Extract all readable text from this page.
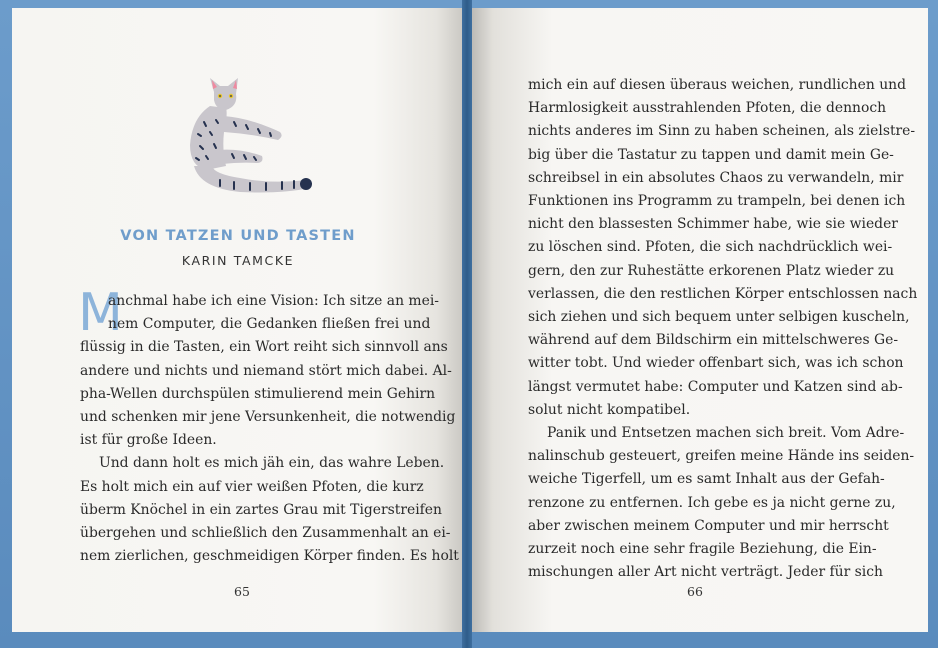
VON TATZEN UND TASTEN
KARIN TAMCKE
M
anchmal habe ich eine Vision: Ich sitze an mei-
nem Computer, die Gedanken fließen frei und
flüssig in die Tasten, ein Wort reiht sich sinnvoll ans
andere und nichts und niemand stört mich dabei. Al-
pha-Wellen durchspülen stimulierend mein Gehirn
und schenken mir jene Versunkenheit, die notwendig
ist für große Ideen.
Und dann holt es mich jäh ein, das wahre Leben.
Es holt mich ein auf vier weißen Pfoten, die kurz
überm Knöchel in ein zartes Grau mit Tigerstreifen
übergehen und schließlich den Zusammenhalt an ei-
nem zierlichen, geschmeidigen Körper finden. Es holt
65
mich ein auf diesen überaus weichen, rundlichen und
Harmlosigkeit ausstrahlenden Pfoten, die dennoch
nichts anderes im Sinn zu haben scheinen, als zielstre-
big über die Tastatur zu tappen und damit mein Ge-
schreibsel in ein absolutes Chaos zu verwandeln, mir
Funktionen ins Programm zu trampeln, bei denen ich
nicht den blassesten Schimmer habe, wie sie wieder
zu löschen sind. Pfoten, die sich nachdrücklich wei-
gern, den zur Ruhestätte erkorenen Platz wieder zu
verlassen, die den restlichen Körper entschlossen nach
sich ziehen und sich bequem unter selbigen kuscheln,
während auf dem Bildschirm ein mittelschweres Ge-
witter tobt. Und wieder offenbart sich, was ich schon
längst vermutet habe: Computer und Katzen sind ab-
solut nicht kompatibel.
Panik und Entsetzen machen sich breit. Vom Adre-
nalinschub gesteuert, greifen meine Hände ins seiden-
weiche Tigerfell, um es samt Inhalt aus der Gefah-
renzone zu entfernen. Ich gebe es ja nicht gerne zu,
aber zwischen meinem Computer und mir herrscht
zurzeit noch eine sehr fragile Beziehung, die Ein-
mischungen aller Art nicht verträgt. Jeder für sich
66
